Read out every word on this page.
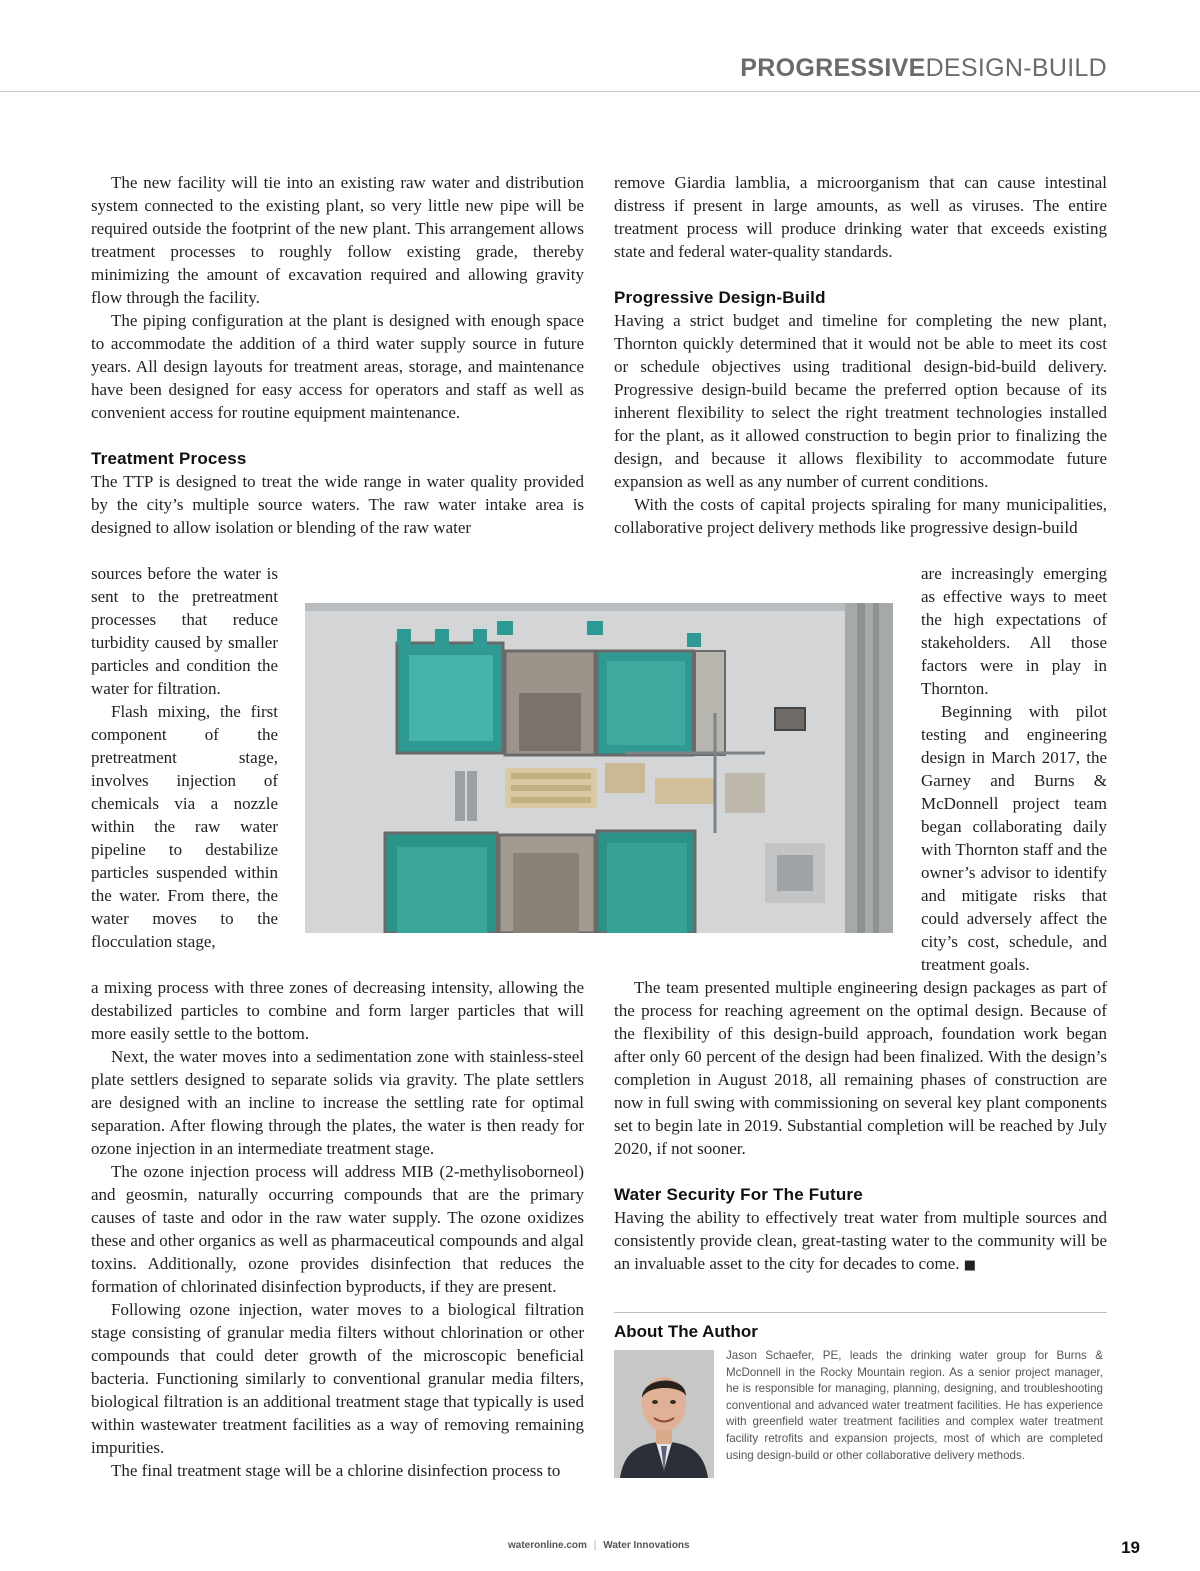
PROGRESSIVEDESIGN-BUILD

The new facility will tie into an existing raw water and distribution system connected to the existing plant, so very little new pipe will be required outside the footprint of the new plant. This arrangement allows treatment processes to roughly follow existing grade, thereby minimizing the amount of excavation required and allowing gravity flow through the facility.

The piping configuration at the plant is designed with enough space to accommodate the addition of a third water supply source in future years. All design layouts for treatment areas, storage, and maintenance have been designed for easy access for operators and staff as well as convenient access for routine equipment maintenance.

Treatment Process

The TTP is designed to treat the wide range in water quality provided by the city’s multiple source waters. The raw water intake area is designed to allow isolation or blending of the raw water

sources before the water is sent to the pretreatment processes that reduce turbidity caused by smaller particles and condition the water for filtration.

Flash mixing, the first component of the pretreatment stage, involves injection of chemicals via a nozzle within the raw water pipeline to destabilize particles suspended within the water. From there, the water moves to the flocculation stage,

a mixing process with three zones of decreasing intensity, allowing the destabilized particles to combine and form larger particles that will more easily settle to the bottom.

Next, the water moves into a sedimentation zone with stainless-steel plate settlers designed to separate solids via gravity. The plate settlers are designed with an incline to increase the settling rate for optimal separation. After flowing through the plates, the water is then ready for ozone injection in an intermediate treatment stage.

The ozone injection process will address MIB (2-methylisoborneol) and geosmin, naturally occurring compounds that are the primary causes of taste and odor in the raw water supply. The ozone oxidizes these and other organics as well as pharmaceutical compounds and algal toxins. Additionally, ozone provides disinfection that reduces the formation of chlorinated disinfection byproducts, if they are present.

Following ozone injection, water moves to a biological filtration stage consisting of granular media filters without chlorination or other compounds that could deter growth of the microscopic beneficial bacteria. Functioning similarly to conventional granular media filters, biological filtration is an additional treatment stage that typically is used within wastewater treatment facilities as a way of removing remaining impurities.

The final treatment stage will be a chlorine disinfection process to

remove Giardia lamblia, a microorganism that can cause intestinal distress if present in large amounts, as well as viruses. The entire treatment process will produce drinking water that exceeds existing state and federal water-quality standards.

Progressive Design-Build

Having a strict budget and timeline for completing the new plant, Thornton quickly determined that it would not be able to meet its cost or schedule objectives using traditional design-bid-build delivery. Progressive design-build became the preferred option because of its inherent flexibility to select the right treatment technologies installed for the plant, as it allowed construction to begin prior to finalizing the design, and because it allows flexibility to accommodate future expansion as well as any number of current conditions.

With the costs of capital projects spiraling for many municipalities, collaborative project delivery methods like progressive design-build

are increasingly emerging as effective ways to meet the high expectations of stakeholders. All those factors were in play in Thornton.

Beginning with pilot testing and engineering design in March 2017, the Garney and Burns & McDonnell project team began collaborating daily with Thornton staff and the owner’s advisor to identify and mitigate risks that could adversely affect the city’s cost, schedule, and treatment goals.

The team presented multiple engineering design packages as part of the process for reaching agreement on the optimal design. Because of the flexibility of this design-build approach, foundation work began after only 60 percent of the design had been finalized. With the design’s completion in August 2018, all remaining phases of construction are now in full swing with commissioning on several key plant components set to begin late in 2019. Substantial completion will be reached by July 2020, if not sooner.

Water Security For The Future

Having the ability to effectively treat water from multiple sources and consistently provide clean, great-tasting water to the community will be an invaluable asset to the city for decades to come. ■

About The Author
Jason Schaefer, PE, leads the drinking water group for Burns & McDonnell in the Rocky Mountain region. As a senior project manager, he is responsible for managing, planning, designing, and troubleshooting conventional and advanced water treatment facilities. He has experience with greenfield water treatment facilities and complex water treatment facility retrofits and expansion projects, most of which are completed using design-build or other collaborative delivery methods.
wateronline.com ❘ Water Innovations	19
